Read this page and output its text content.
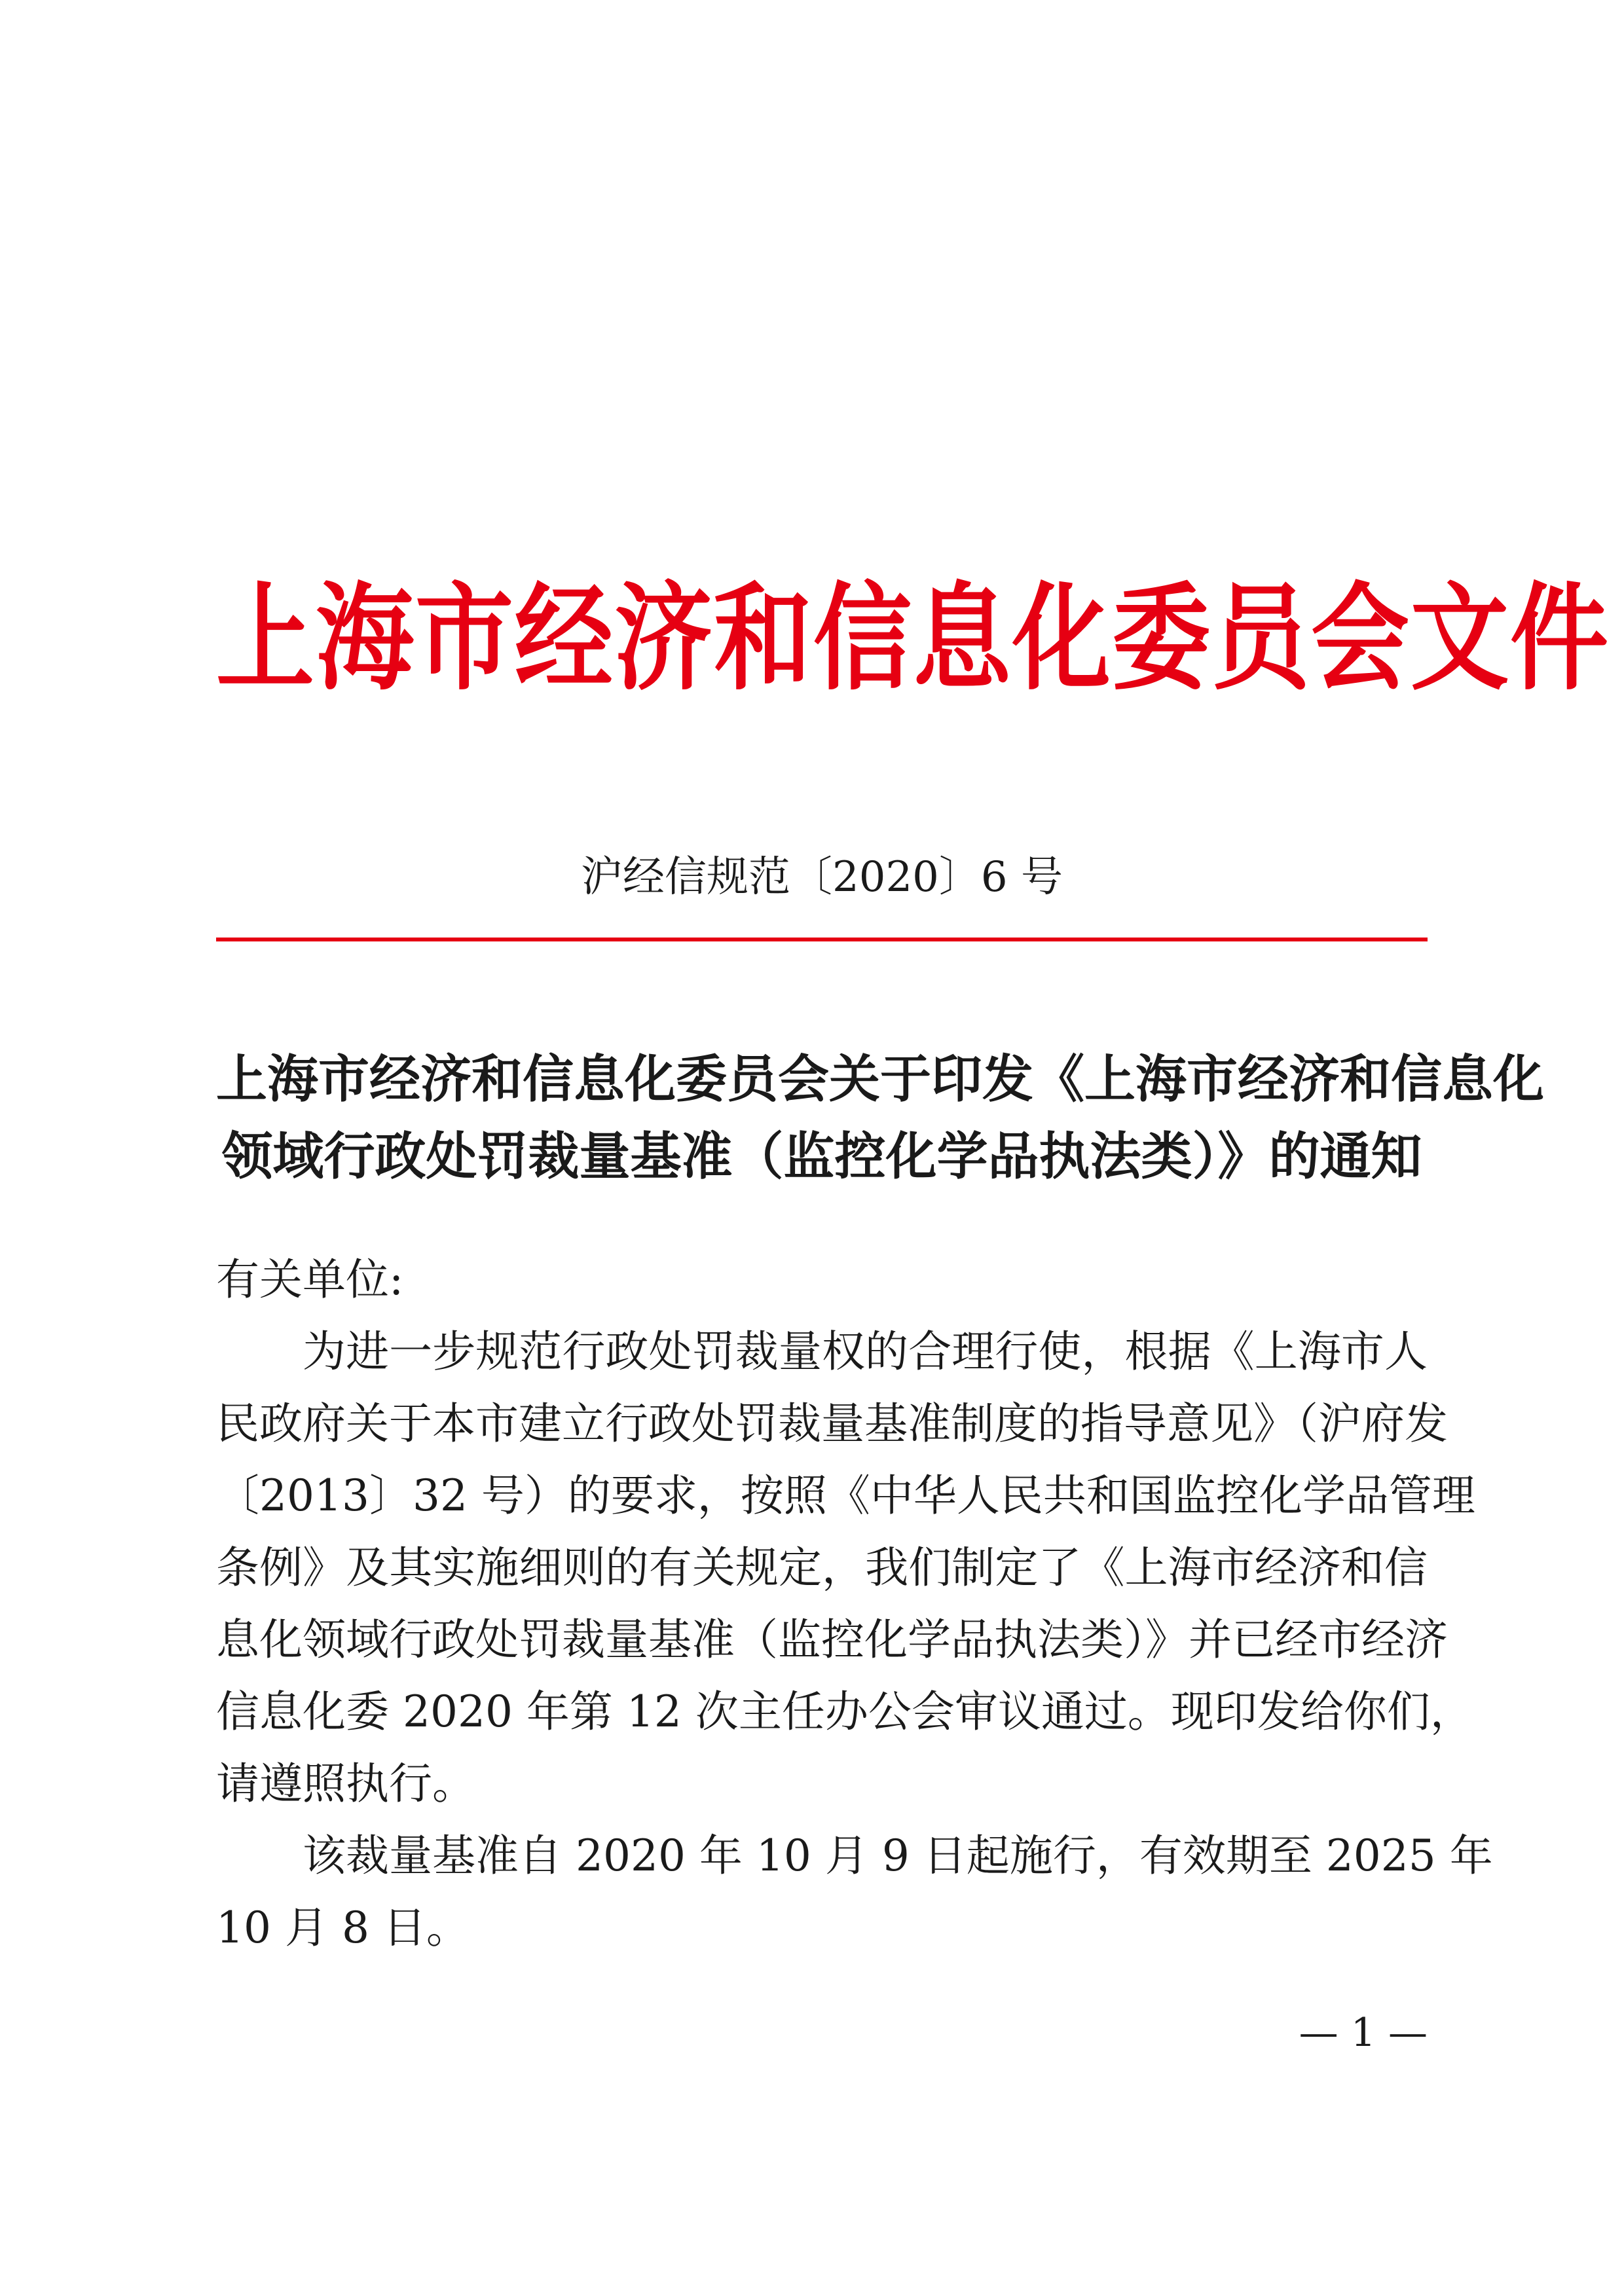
上海市经济和信息化委员会文件
沪经信规范〔2020〕6 号
上海市经济和信息化委员会关于印发《上海市经济和信息化
领域行政处罚裁量基准（监控化学品执法类）》的通知
有关单位:
为进一步规范行政处罚裁量权的合理行使，根据《上海市人
民政府关于本市建立行政处罚裁量基准制度的指导意见》（沪府发
〔2013〕32 号）的要求，按照《中华人民共和国监控化学品管理
条例》及其实施细则的有关规定，我们制定了《上海市经济和信
息化领域行政处罚裁量基准（监控化学品执法类）》并已经市经济
信息化委 2020 年第 12 次主任办公会审议通过。现印发给你们，
请遵照执行。
该裁量基准自 2020 年 10 月 9 日起施行，有效期至 2025 年
10 月 8 日。
— 1 —
